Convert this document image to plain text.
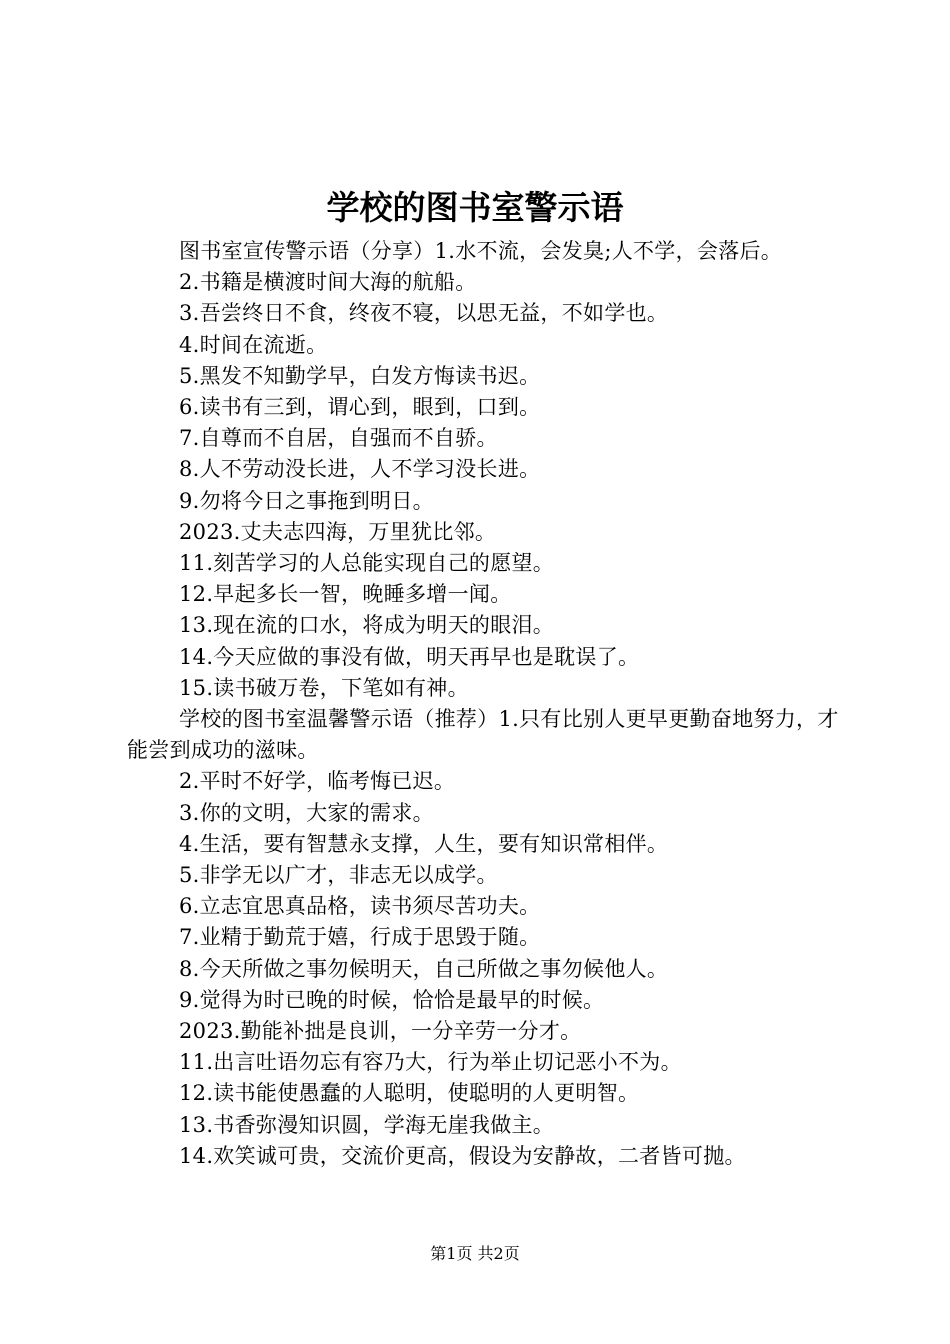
学校的图书室警示语

图书室宣传警示语（分享）1.水不流，会发臭;人不学，会落后。

2.书籍是横渡时间大海的航船。

3.吾尝终日不食，终夜不寝，以思无益，不如学也。

4.时间在流逝。

5.黑发不知勤学早，白发方悔读书迟。

6.读书有三到，谓心到，眼到，口到。

7.自尊而不自居，自强而不自骄。

8.人不劳动没长进，人不学习没长进。

9.勿将今日之事拖到明日。

2023.丈夫志四海，万里犹比邻。

11.刻苦学习的人总能实现自己的愿望。

12.早起多长一智，晚睡多增一闻。

13.现在流的口水，将成为明天的眼泪。

14.今天应做的事没有做，明天再早也是耽误了。

15.读书破万卷，下笔如有神。

学校的图书室温馨警示语（推荐）1.只有比别人更早更勤奋地努力，才能尝到成功的滋味。

2.平时不好学，临考悔已迟。

3.你的文明，大家的需求。

4.生活，要有智慧永支撑，人生，要有知识常相伴。

5.非学无以广才，非志无以成学。

6.立志宜思真品格，读书须尽苦功夫。

7.业精于勤荒于嬉，行成于思毁于随。

8.今天所做之事勿候明天，自己所做之事勿候他人。

9.觉得为时已晚的时候，恰恰是最早的时候。

2023.勤能补拙是良训，一分辛劳一分才。

11.出言吐语勿忘有容乃大，行为举止切记恶小不为。

12.读书能使愚蠢的人聪明，使聪明的人更明智。

13.书香弥漫知识圆，学海无崖我做主。

14.欢笑诚可贵，交流价更高，假设为安静故，二者皆可抛。

第1页 共2页
